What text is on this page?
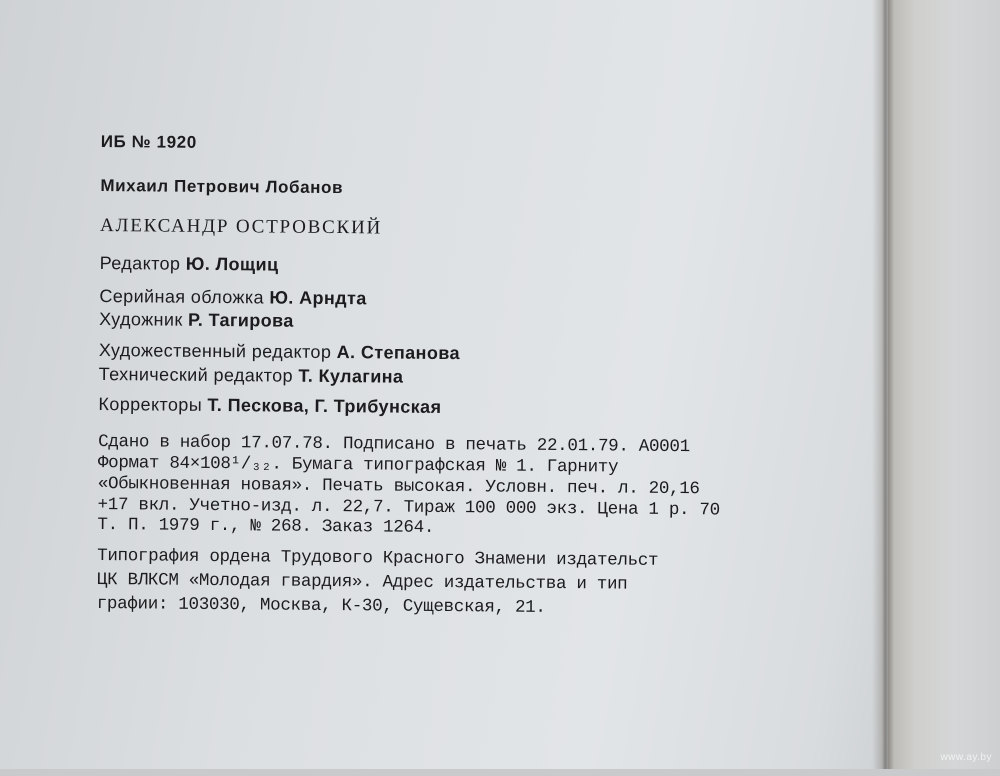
ИБ № 1920
Михаил Петрович Лобанов
АЛЕКСАНДР ОСТРОВСКИЙ
Редактор Ю. Лощиц
Серийная обложка Ю. Арндта
Художник Р. Тагирова
Художественный редактор А. Степанова
Технический редактор Т. Кулагина
Корректоры Т. Пескова, Г. Трибунская
Сдано в набор 17.07.78. Подписано в печать 22.01.79. А0001
Формат 84×108¹/₃₂. Бумага типографская № 1. Гарниту
«Обыкновенная новая». Печать высокая. Условн. печ. л. 20,16
+17 вкл. Учетно-изд. л. 22,7. Тираж 100 000 экз. Цена 1 р. 70
Т. П. 1979 г., № 268. Заказ 1264.
Типография ордена Трудового Красного Знамени издательст
ЦК ВЛКСМ «Молодая гвардия». Адрес издательства и тип
графии: 103030, Москва, К-30, Сущевская, 21.
www.ay.by
